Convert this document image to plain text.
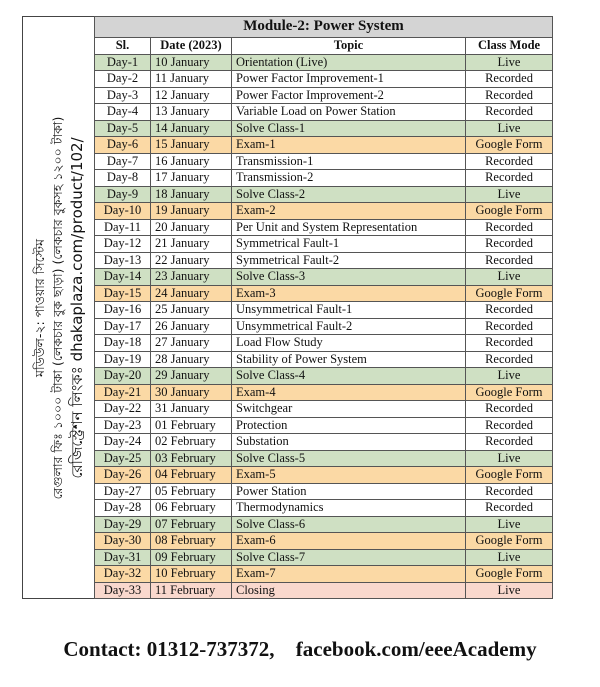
মডিউল-২: পাওয়ার সিস্টেম রেগুলার ফিঃ ১০০০ টাকা (লেকচার বুক ছাড়া) (লেকচার বুকসহ ১২০০ টাকা) রেজিস্ট্রেশন লিংকঃ dhakaplaza.com/product/102/
Module-2: Power System			
Sl.	Date (2023)	Topic	Class Mode
Day-1	10 January	Orientation (Live)	Live
Day-2	11 January	Power Factor Improvement-1	Recorded
Day-3	12 January	Power Factor Improvement-2	Recorded
Day-4	13 January	Variable Load on Power Station	Recorded
Day-5	14 January	Solve Class-1	Live
Day-6	15 January	Exam-1	Google Form
Day-7	16 January	Transmission-1	Recorded
Day-8	17 January	Transmission-2	Recorded
Day-9	18 January	Solve Class-2	Live
Day-10	19 January	Exam-2	Google Form
Day-11	20 January	Per Unit and System Representation	Recorded
Day-12	21 January	Symmetrical Fault-1	Recorded
Day-13	22 January	Symmetrical Fault-2	Recorded
Day-14	23 January	Solve Class-3	Live
Day-15	24 January	Exam-3	Google Form
Day-16	25 January	Unsymmetrical Fault-1	Recorded
Day-17	26 January	Unsymmetrical Fault-2	Recorded
Day-18	27 January	Load Flow Study	Recorded
Day-19	28 January	Stability of Power System	Recorded
Day-20	29 January	Solve Class-4	Live
Day-21	30 January	Exam-4	Google Form
Day-22	31 January	Switchgear	Recorded
Day-23	01 February	Protection	Recorded
Day-24	02 February	Substation	Recorded
Day-25	03 February	Solve Class-5	Live
Day-26	04 February	Exam-5	Google Form
Day-27	05 February	Power Station	Recorded
Day-28	06 February	Thermodynamics	Recorded
Day-29	07 February	Solve Class-6	Live
Day-30	08 February	Exam-6	Google Form
Day-31	09 February	Solve Class-7	Live
Day-32	10 February	Exam-7	Google Form
Day-33	11 February	Closing	Live
Contact: 01312-737372, facebook.com/eeeAcademy
